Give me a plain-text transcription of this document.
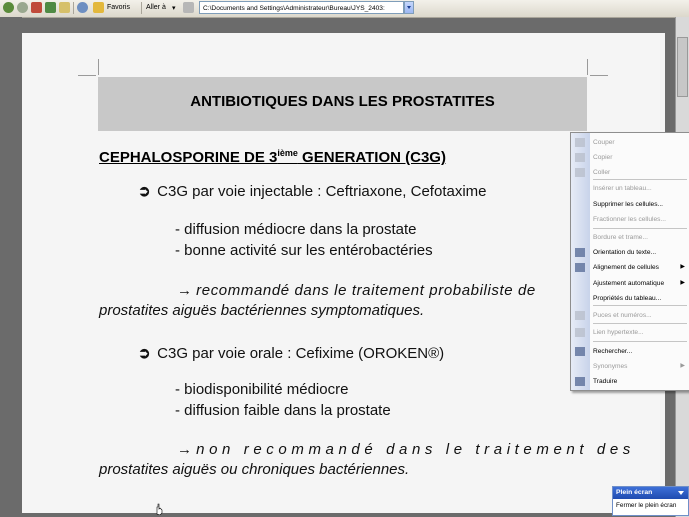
Favoris Aller à ▾	C:\Documents and Settings\Administrateur\Bureau\JYS_2403:
ANTIBIOTIQUES DANS LES PROSTATITES
CEPHALOSPORINE DE 3ième GENERATION (C3G)
➲ C3G par voie injectable : Ceftriaxone, Cefotaxime
- diffusion médiocre dans la prostate
- bonne activité sur les entérobactéries
→ recommandé dans le traitement probabiliste de
prostatites aiguës bactériennes symptomatiques.
➲ C3G par voie orale : Cefixime (OROKEN®)
- biodisponibilité médiocre
- diffusion faible dans la prostate
→ non recommandé dans le traitement des
prostatites aiguës ou chroniques bactériennes.
Couper
Copier
Coller
Insérer un tableau...
Supprimer les cellules...
Fractionner les cellules...
Bordure et trame...
Orientation du texte...
Alignement de cellules	▶
Ajustement automatique	▶
Propriétés du tableau...
Puces et numéros...
Lien hypertexte...
Rechercher...
Synonymes	▶
Traduire
Plein écran
Fermer le plein écran
